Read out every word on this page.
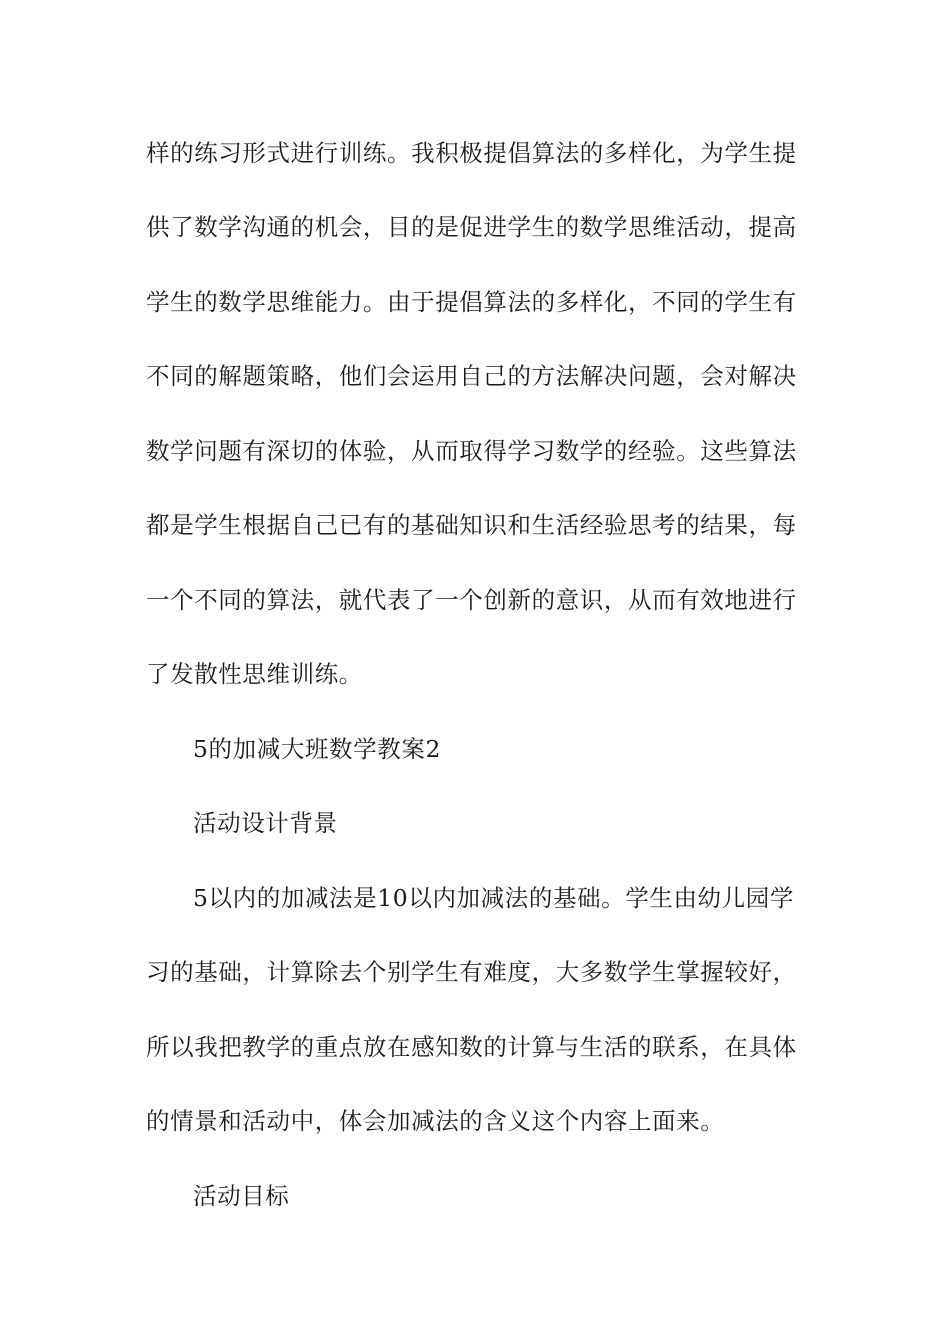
样的练习形式进行训练。我积极提倡算法的多样化，为学生提
供了数学沟通的机会，目的是促进学生的数学思维活动，提高
学生的数学思维能力。由于提倡算法的多样化，不同的学生有
不同的解题策略，他们会运用自己的方法解决问题，会对解决
数学问题有深切的体验，从而取得学习数学的经验。这些算法
都是学生根据自己已有的基础知识和生活经验思考的结果，每
一个不同的算法，就代表了一个创新的意识，从而有效地进行
了发散性思维训练。
5的加减大班数学教案2
活动设计背景
5以内的加减法是10以内加减法的基础。学生由幼儿园学
习的基础，计算除去个别学生有难度，大多数学生掌握较好，
所以我把教学的重点放在感知数的计算与生活的联系，在具体
的情景和活动中，体会加减法的含义这个内容上面来。
活动目标
